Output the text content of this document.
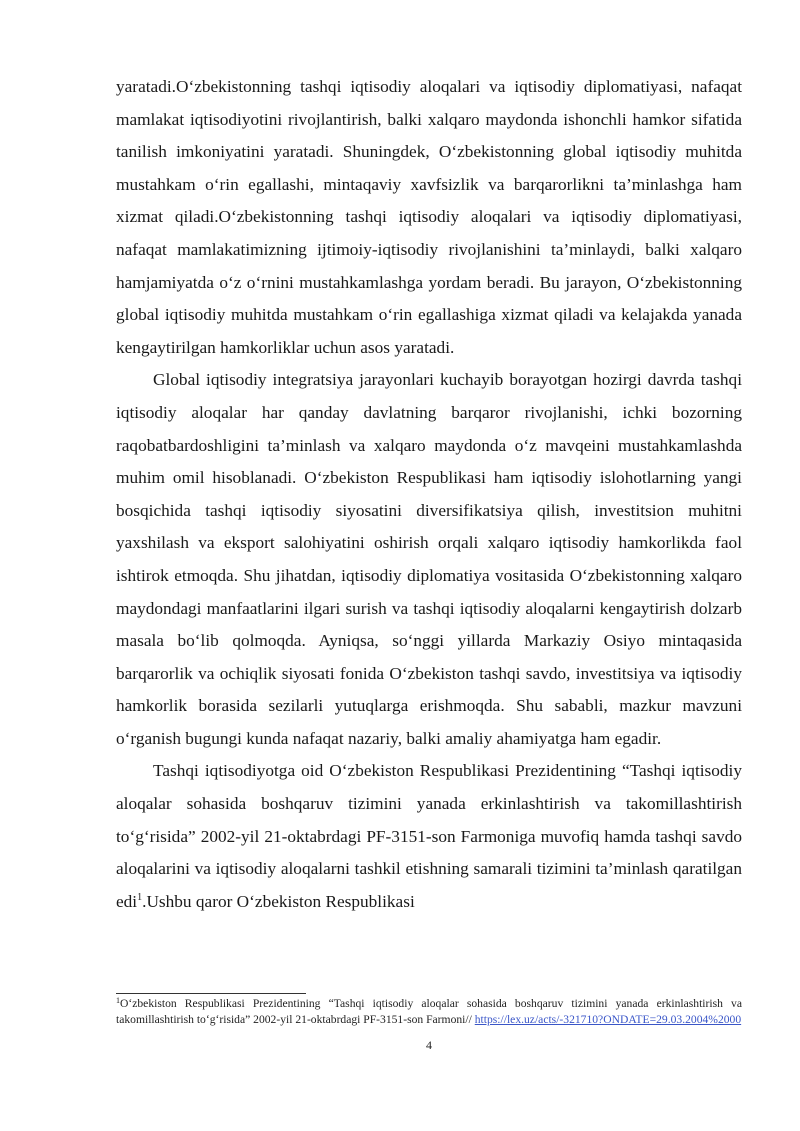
yaratadi.O‘zbekistonning tashqi iqtisodiy aloqalari va iqtisodiy diplomatiyasi, nafaqat mamlakat iqtisodiyotini rivojlantirish, balki xalqaro maydonda ishonchli hamkor sifatida tanilish imkoniyatini yaratadi. Shuningdek, O‘zbekistonning global iqtisodiy muhitda mustahkam o‘rin egallashi, mintaqaviy xavfsizlik va barqarorlikni ta’minlashga ham xizmat qiladi.O‘zbekistonning tashqi iqtisodiy aloqalari va iqtisodiy diplomatiyasi, nafaqat mamlakatimizning ijtimoiy-iqtisodiy rivojlanishini ta’minlaydi, balki xalqaro hamjamiyatda o‘z o‘rnini mustahkamlashga yordam beradi. Bu jarayon, O‘zbekistonning global iqtisodiy muhitda mustahkam o‘rin egallashiga xizmat qiladi va kelajakda yanada kengaytirilgan hamkorliklar uchun asos yaratadi.

Global iqtisodiy integratsiya jarayonlari kuchayib borayotgan hozirgi davrda tashqi iqtisodiy aloqalar har qanday davlatning barqaror rivojlanishi, ichki bozorning raqobatbardoshligini ta’minlash va xalqaro maydonda o‘z mavqeini mustahkamlashda muhim omil hisoblanadi. O‘zbekiston Respublikasi ham iqtisodiy islohotlarning yangi bosqichida tashqi iqtisodiy siyosatini diversifikatsiya qilish, investitsion muhitni yaxshilash va eksport salohiyatini oshirish orqali xalqaro iqtisodiy hamkorlikda faol ishtirok etmoqda. Shu jihatdan, iqtisodiy diplomatiya vositasida O‘zbekistonning xalqaro maydondagi manfaatlarini ilgari surish va tashqi iqtisodiy aloqalarni kengaytirish dolzarb masala bo‘lib qolmoqda. Ayniqsa, so‘nggi yillarda Markaziy Osiyo mintaqasida barqarorlik va ochiqlik siyosati fonida O‘zbekiston tashqi savdo, investitsiya va iqtisodiy hamkorlik borasida sezilarli yutuqlarga erishmoqda. Shu sababli, mazkur mavzuni o‘rganish bugungi kunda nafaqat nazariy, balki amaliy ahamiyatga ham egadir.

Tashqi iqtisodiyotga oid O‘zbekiston Respublikasi Prezidentining “Tashqi iqtisodiy aloqalar sohasida boshqaruv tizimini yanada erkinlashtirish va takomillashtirish to‘g‘risida” 2002-yil 21-oktabrdagi PF-3151-son Farmoniga muvofiq hamda tashqi savdo aloqalarini va iqtisodiy aloqalarni tashkil etishning samarali tizimini ta’minlash qaratilgan edi$^1$.Ushbu qaror O‘zbekiston Respublikasi

$^1$O‘zbekiston Respublikasi Prezidentining “Tashqi iqtisodiy aloqalar sohasida boshqaruv tizimini yanada erkinlashtirish va takomillashtirish to‘g‘risida” 2002-yil 21-oktabrdagi PF-3151-son Farmoni// https://lex.uz/acts/-321710?ONDATE=29.03.2004%2000
4
